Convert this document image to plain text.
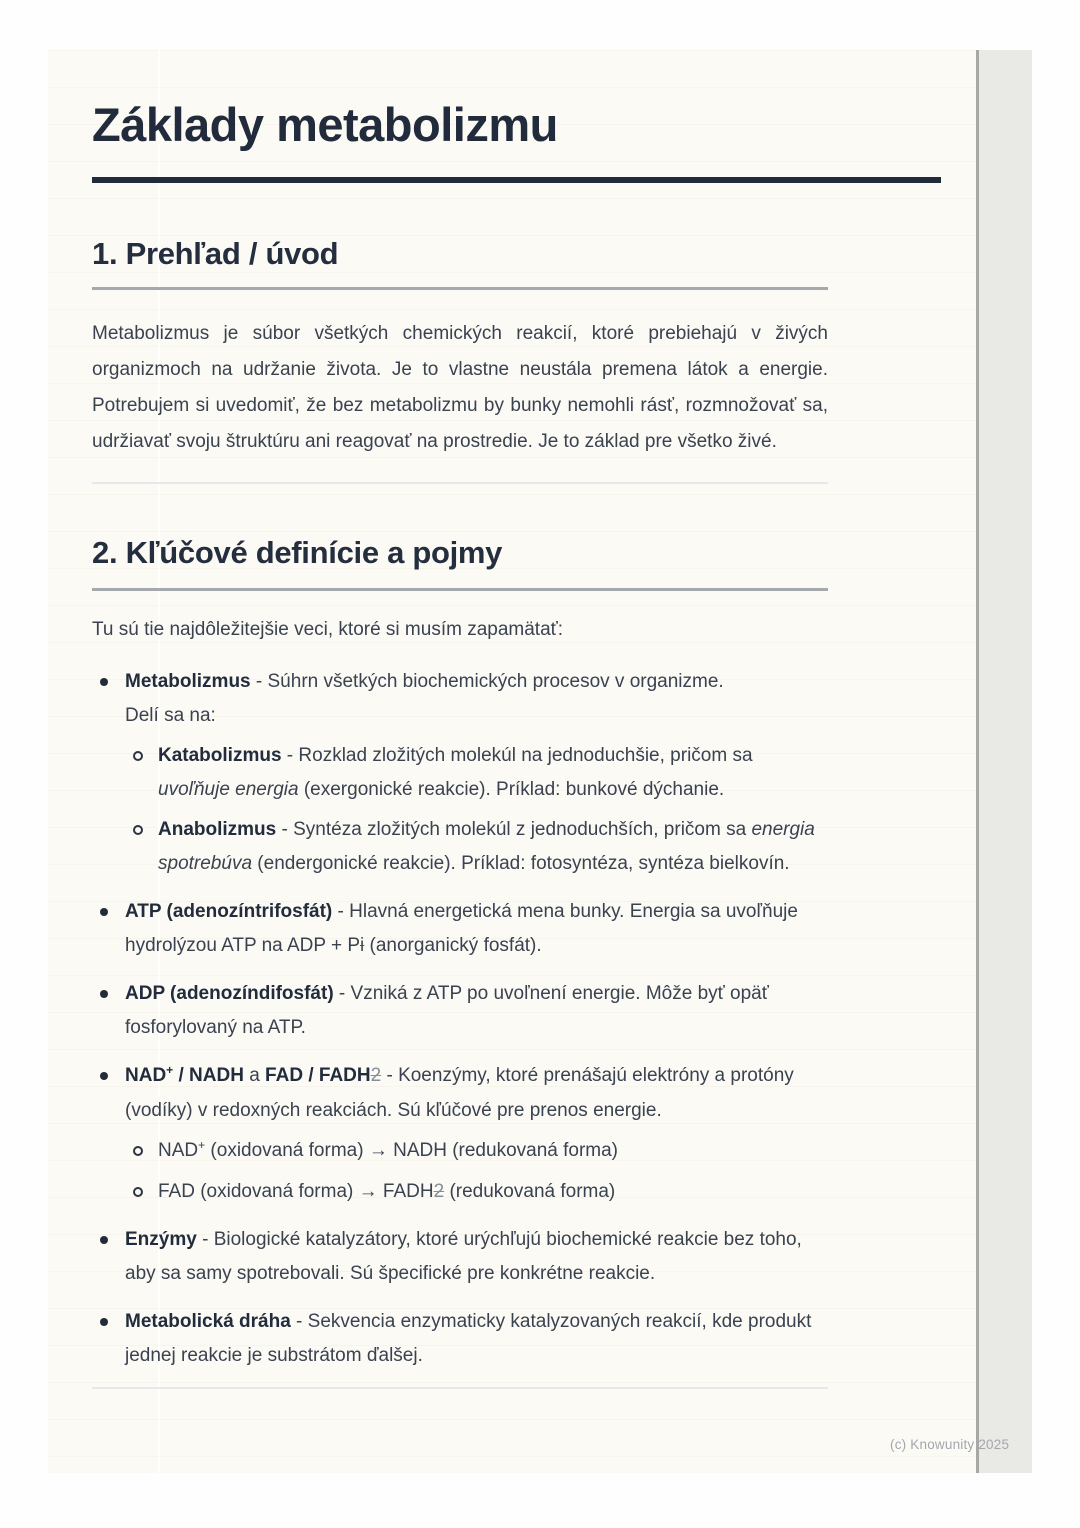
Základy metabolizmu
1. Prehľad / úvod

Metabolizmus je súbor všetkých chemických reakcií, ktoré prebiehajú v živých organizmoch na udržanie života. Je to vlastne neustála premena látok a energie. Potrebujem si uvedomiť, že bez metabolizmu by bunky nemohli rásť, rozmnožovať sa, udržiavať svoju štruktúru ani reagovať na prostredie. Je to základ pre všetko živé.

2. Kľúčové definície a pojmy

Tu sú tie najdôležitejšie veci, ktoré si musím zapamätať:

Metabolizmus - Súhrn všetkých biochemických procesov v organizme.
Delí sa na:
Katabolizmus - Rozklad zložitých molekúl na jednoduchšie, pričom sa uvoľňuje energia (exergonické reakcie). Príklad: bunkové dýchanie.
Anabolizmus - Syntéza zložitých molekúl z jednoduchších, pričom sa energia spotrebúva (endergonické reakcie). Príklad: fotosyntéza, syntéza bielkovín.
ATP (adenozíntrifosfát) - Hlavná energetická mena bunky. Energia sa uvoľňuje hydrolýzou ATP na ADP + Pi (anorganický fosfát).
ADP (adenozíndifosfát) - Vzniká z ATP po uvoľnení energie. Môže byť opäť fosforylovaný na ATP.
NAD+ / NADH a FAD / FADH2 - Koenzýmy, ktoré prenášajú elektróny a protóny (vodíky) v redoxných reakciách. Sú kľúčové pre prenos energie.
NAD+ (oxidovaná forma) → NADH (redukovaná forma)
FAD (oxidovaná forma) → FADH2 (redukovaná forma)
Enzýmy - Biologické katalyzátory, ktoré urýchľujú biochemické reakcie bez toho, aby sa samy spotrebovali. Sú špecifické pre konkrétne reakcie.
Metabolická dráha - Sekvencia enzymaticky katalyzovaných reakcií, kde produkt jednej reakcie je substrátom ďalšej.
(c) Knowunity 2025
